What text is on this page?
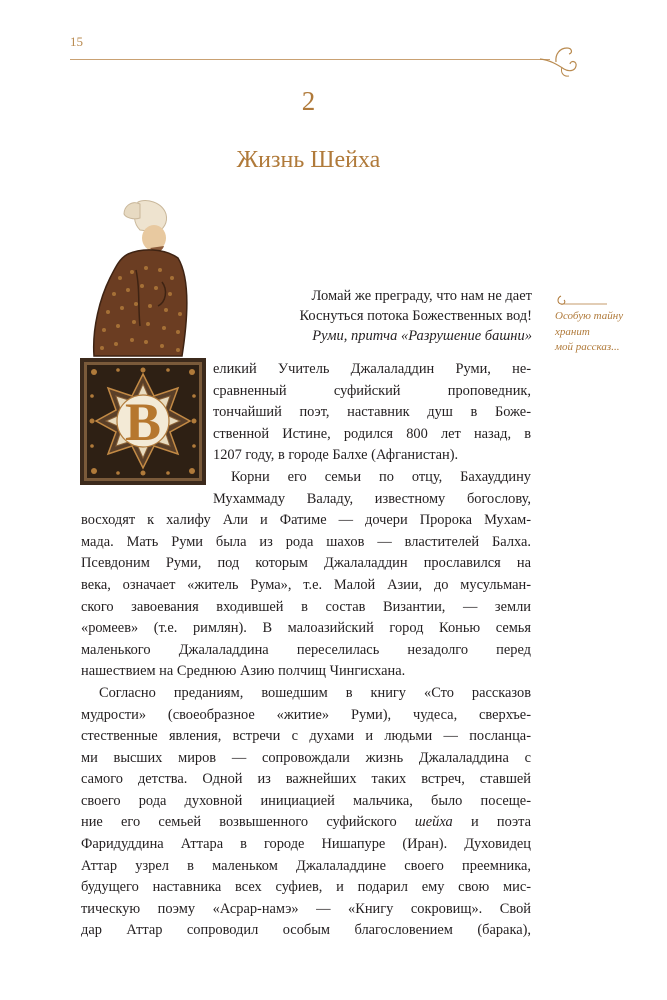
15
2
Жизнь Шейха
Ломай же преграду, что нам не дает
Коснуться потока Божественных вод!
Руми, притча «Разрушение башни»
Особую тайну
хранит
мой рассказ...
В

еликий Учитель Джалаладдин Руми, не-

сравненный суфийский проповедник,

тончайший поэт, наставник душ в Боже-

ственной Истине, родился 800 лет назад, в

1207 году, в городе Балхе (Афганистан).

Корни его семьи по отцу, Бахауддину

Мухаммаду Валаду, известному богослову,

восходят к халифу Али и Фатиме — дочери Пророка Мухам-

мада. Мать Руми была из рода шахов — властителей Балха.

Псевдоним Руми, под которым Джалаладдин прославился на

века, означает «житель Рума», т.е. Малой Азии, до мусульман-

ского завоевания входившей в состав Византии, — земли

«ромеев» (т.е. римлян). В малоазийский город Конью семья

маленького Джалаладдина переселилась незадолго перед

нашествием на Среднюю Азию полчищ Чингисхана.

Согласно преданиям, вошедшим в книгу «Сто рассказов

мудрости» (своеобразное «житие» Руми), чудеса, сверхъе-

стественные явления, встречи с духами и людьми — посланца-

ми высших миров — сопровождали жизнь Джалаладдина с

самого детства. Одной из важнейших таких встреч, ставшей

своего рода духовной инициацией мальчика, было посеще-

ние его семьей возвышенного суфийского шейха и поэта

Фаридуддина Аттара в городе Нишапуре (Иран). Духовидец

Аттар узрел в маленьком Джалаладдине своего преемника,

будущего наставника всех суфиев, и подарил ему свою мис-

тическую поэму «Асрар-намэ» — «Книгу сокровищ». Свой

дар Аттар сопроводил особым благословением (барака),
